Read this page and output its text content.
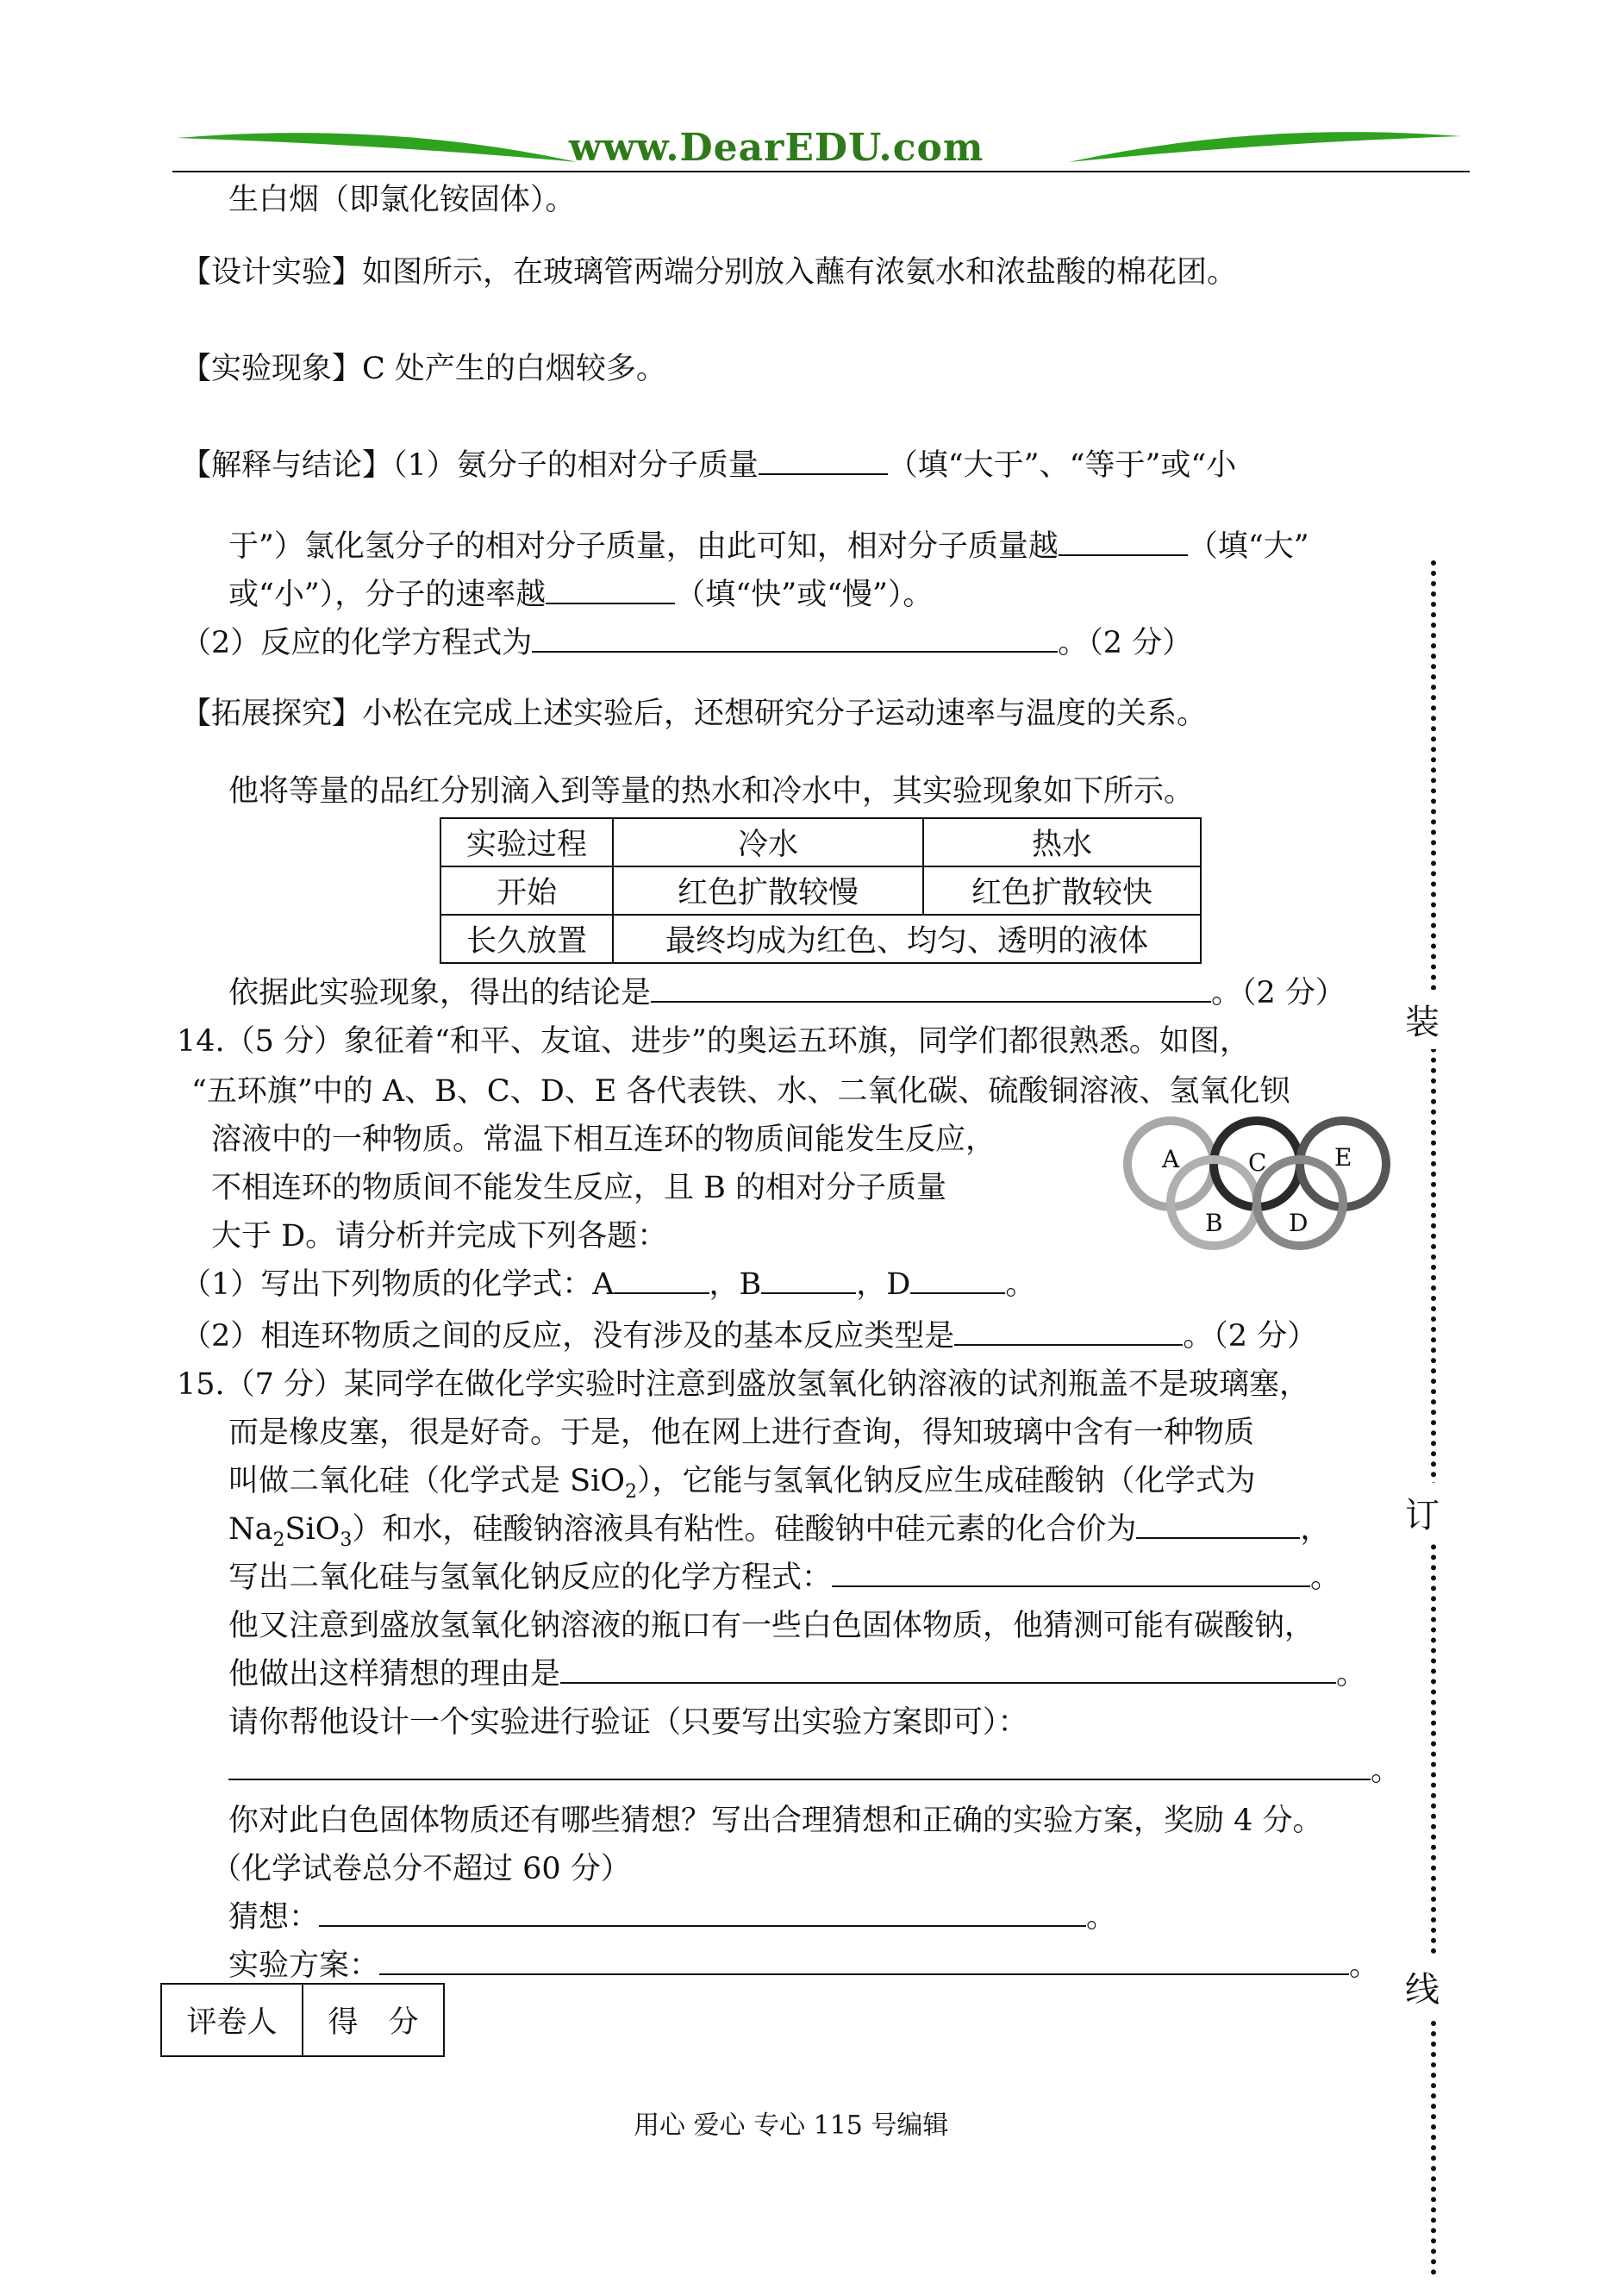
www.DearEDU.com
生白烟（即氯化铵固体）。
【设计实验】如图所示，在玻璃管两端分别放入蘸有浓氨水和浓盐酸的棉花团。
【实验现象】C 处产生的白烟较多。
【解释与结论】（1）氨分子的相对分子质量	（填“大于”、“等于”或“小
于”）氯化氢分子的相对分子质量，由此可知，相对分子质量越	（填“大”
或“小”），分子的速率越	（填“快”或“慢”）。
（2）反应的化学方程式为	。（2 分）
【拓展探究】小松在完成上述实验后，还想研究分子运动速率与温度的关系。
他将等量的品红分别滴入到等量的热水和冷水中，其实验现象如下所示。
实验过程	冷水	热水
开始	红色扩散较慢	红色扩散较快
长久放置	最终均成为红色、均匀、透明的液体	
依据此实验现象，得出的结论是	。（2 分）
14.（5 分）象征着“和平、友谊、进步”的奥运五环旗，同学们都很熟悉。如图，
“五环旗”中的 A、B、C、D、E 各代表铁、水、二氧化碳、硫酸铜溶液、氢氧化钡
溶液中的一种物质。常温下相互连环的物质间能发生反应，
不相连环的物质间不能发生反应，且 B 的相对分子质量
大于 D。请分析并完成下列各题：
A	C	E
B	D
（1）写出下列物质的化学式：A	，B	，D	。
（2）相连环物质之间的反应，没有涉及的基本反应类型是	。（2 分）
15.（7 分）某同学在做化学实验时注意到盛放氢氧化钠溶液的试剂瓶盖不是玻璃塞，
而是橡皮塞，很是好奇。于是，他在网上进行查询，得知玻璃中含有一种物质
叫做二氧化硅（化学式是 SiO$_2$），它能与氢氧化钠反应生成硅酸钠（化学式为
$Na_2SiO_3$）和水，硅酸钠溶液具有粘性。硅酸钠中硅元素的化合价为	，
写出二氧化硅与氢氧化钠反应的化学方程式：	。
他又注意到盛放氢氧化钠溶液的瓶口有一些白色固体物质，他猜测可能有碳酸钠，
他做出这样猜想的理由是	。
请你帮他设计一个实验进行验证（只要写出实验方案即可）：
。
你对此白色固体物质还有哪些猜想？写出合理猜想和正确的实验方案，奖励 4 分。
（化学试卷总分不超过 60 分）
猜想：	。
实验方案：	。
评卷人	得　分
装
订
线
用心 爱心 专心 115 号编辑
